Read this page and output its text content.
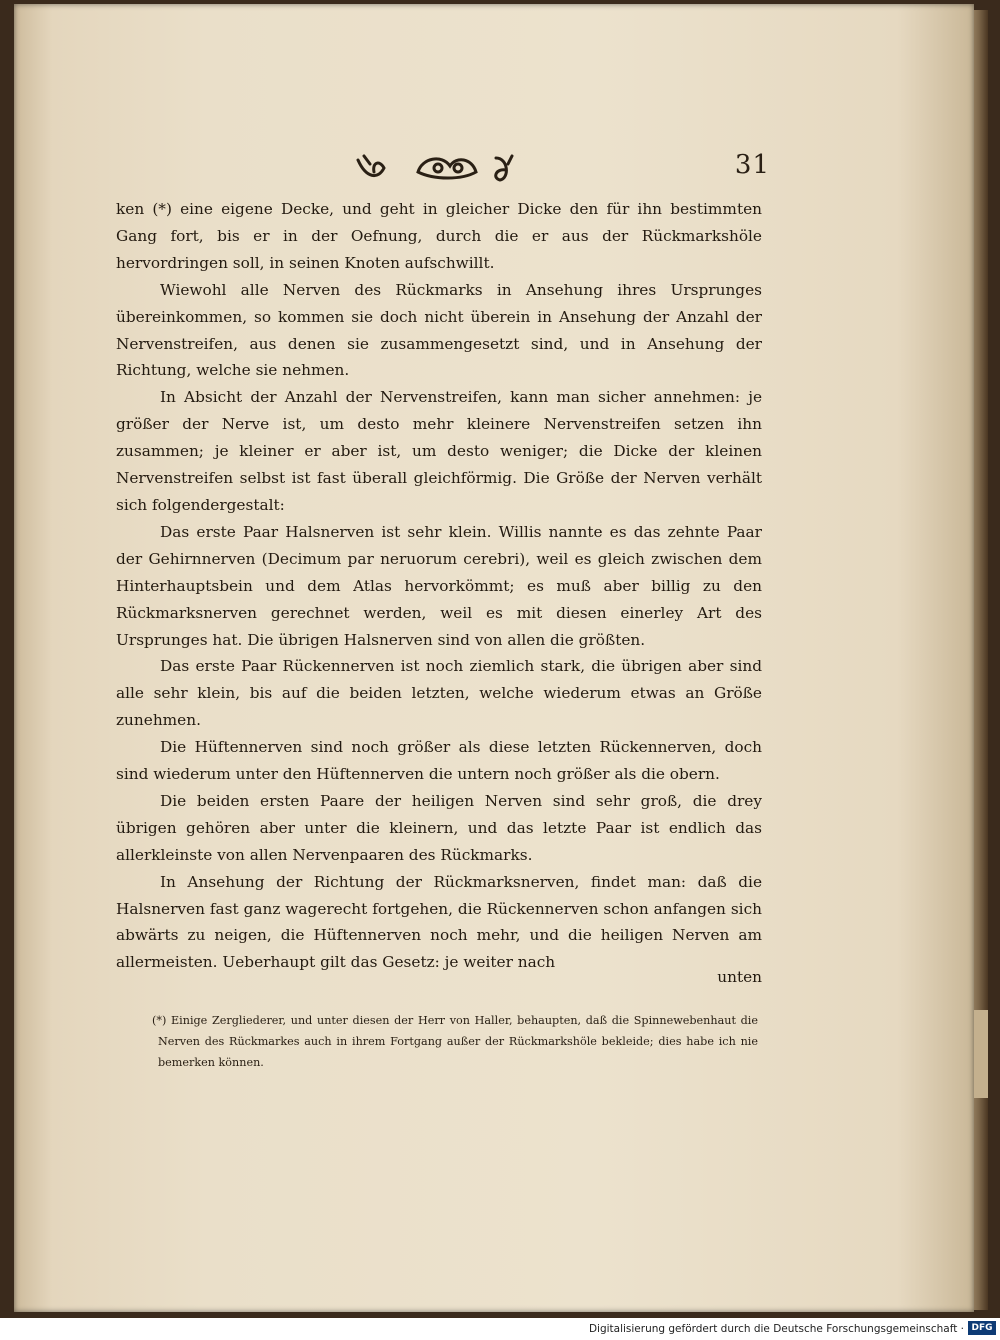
31

ken (*) eine eigene Decke, und geht in gleicher Dicke den für ihn bestimmten Gang fort, bis er in der Oefnung, durch die er aus der Rückmarkshöle hervordringen soll, in seinen Knoten aufschwillt.

Wiewohl alle Nerven des Rückmarks in Ansehung ihres Ursprunges übereinkommen, so kommen sie doch nicht überein in Ansehung der Anzahl der Nervenstreifen, aus denen sie zusammengesetzt sind, und in Ansehung der Richtung, welche sie nehmen.

In Absicht der Anzahl der Nervenstreifen, kann man sicher annehmen: je größer der Nerve ist, um desto mehr kleinere Nervenstreifen setzen ihn zusammen; je kleiner er aber ist, um desto weniger; die Dicke der kleinen Nervenstreifen selbst ist fast überall gleichförmig. Die Größe der Nerven verhält sich folgendergestalt:

Das erste Paar Halsnerven ist sehr klein. Willis nannte es das zehnte Paar der Gehirnnerven (Decimum par neruorum cerebri), weil es gleich zwischen dem Hinterhauptsbein und dem Atlas hervorkömmt; es muß aber billig zu den Rückmarksnerven gerechnet werden, weil es mit diesen einerley Art des Ursprunges hat. Die übrigen Halsnerven sind von allen die größten.

Das erste Paar Rückennerven ist noch ziemlich stark, die übrigen aber sind alle sehr klein, bis auf die beiden letzten, welche wiederum etwas an Größe zunehmen.

Die Hüftennerven sind noch größer als diese letzten Rückennerven, doch sind wiederum unter den Hüftennerven die untern noch größer als die obern.

Die beiden ersten Paare der heiligen Nerven sind sehr groß, die drey übrigen gehören aber unter die kleinern, und das letzte Paar ist endlich das allerkleinste von allen Nervenpaaren des Rückmarks.

In Ansehung der Richtung der Rückmarksnerven, findet man: daß die Halsnerven fast ganz wagerecht fortgehen, die Rückennerven schon anfangen sich abwärts zu neigen, die Hüftennerven noch mehr, und die heiligen Nerven am allermeisten. Ueberhaupt gilt das Gesetz: je weiter nach

unten
(*) Einige Zergliederer, und unter diesen der Herr von Haller, behaupten, daß die Spinnewebenhaut die Nerven des Rückmarkes auch in ihrem Fortgang außer der Rückmarkshöle bekleide; dies habe ich nie bemerken können.
Digitalisierung gefördert durch die Deutsche Forschungsgemeinschaft · DFG
